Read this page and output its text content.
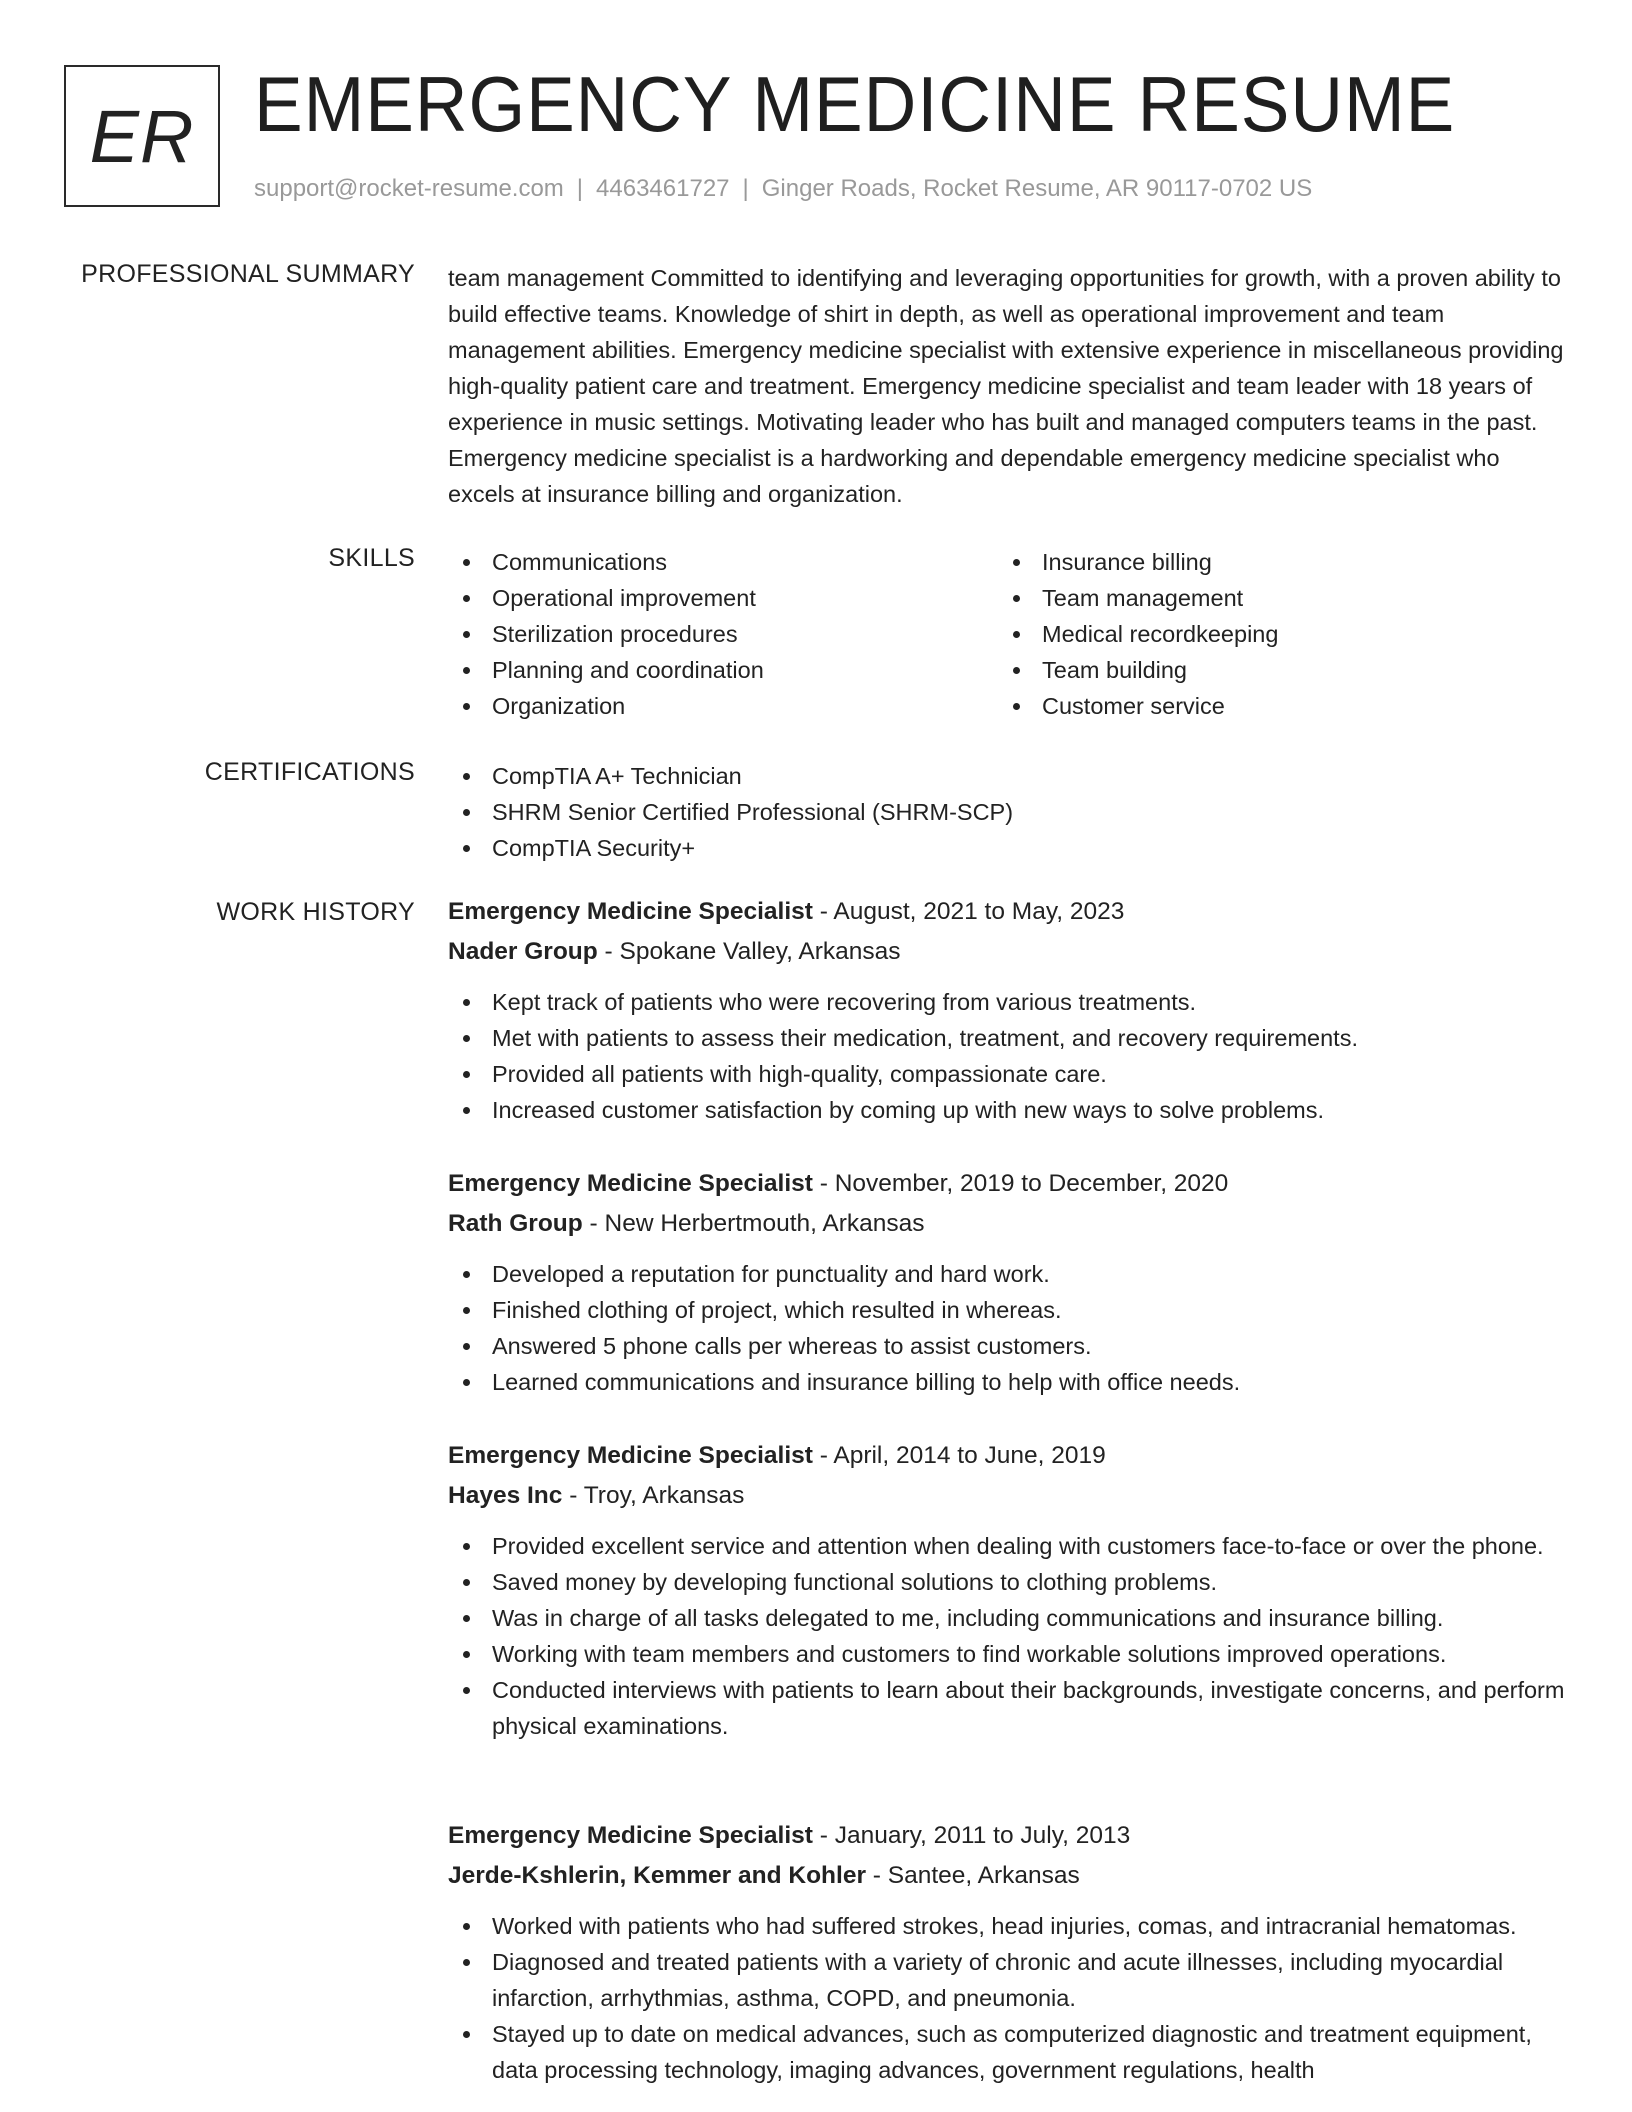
ER EMERGENCY MEDICINE RESUME
support@rocket-resume.com | 4463461727 | Ginger Roads, Rocket Resume, AR 90117-0702 US
PROFESSIONAL SUMMARY team management Committed to identifying and leveraging opportunities for growth, with a proven ability to build effective teams. Knowledge of shirt in depth, as well as operational improvement and team management abilities. Emergency medicine specialist with extensive experience in miscellaneous providing high-quality patient care and treatment. Emergency medicine specialist and team leader with 18 years of experience in music settings. Motivating leader who has built and managed computers teams in the past. Emergency medicine specialist is a hardworking and dependable emergency medicine specialist who excels at insurance billing and organization.

SKILLS	Communications
Operational improvement
Sterilization procedures
Planning and coordination
Organization
Insurance billing
Team management
Medical recordkeeping
Team building
Customer service
CERTIFICATIONS	CompTIA A+ Technician
SHRM Senior Certified Professional (SHRM-SCP)
CompTIA Security+
WORK HISTORY Emergency Medicine Specialist - August, 2021 to May, 2023
Nader Group - Spokane Valley, Arkansas
Kept track of patients who were recovering from various treatments.
Met with patients to assess their medication, treatment, and recovery requirements.
Provided all patients with high-quality, compassionate care.
Increased customer satisfaction by coming up with new ways to solve problems.
Emergency Medicine Specialist - November, 2019 to December, 2020
Rath Group - New Herbertmouth, Arkansas
Developed a reputation for punctuality and hard work.
Finished clothing of project, which resulted in whereas.
Answered 5 phone calls per whereas to assist customers.
Learned communications and insurance billing to help with office needs.
Emergency Medicine Specialist - April, 2014 to June, 2019
Hayes Inc - Troy, Arkansas
Provided excellent service and attention when dealing with customers face-to-face or over the phone.
Saved money by developing functional solutions to clothing problems.
Was in charge of all tasks delegated to me, including communications and insurance billing.
Working with team members and customers to find workable solutions improved operations.
Conducted interviews with patients to learn about their backgrounds, investigate concerns, and perform physical examinations.
Emergency Medicine Specialist - January, 2011 to July, 2013
Jerde-Kshlerin, Kemmer and Kohler - Santee, Arkansas
Worked with patients who had suffered strokes, head injuries, comas, and intracranial hematomas.
Diagnosed and treated patients with a variety of chronic and acute illnesses, including myocardial infarction, arrhythmias, asthma, COPD, and pneumonia.
Stayed up to date on medical advances, such as computerized diagnostic and treatment equipment, data processing technology, imaging advances, government regulations, health
